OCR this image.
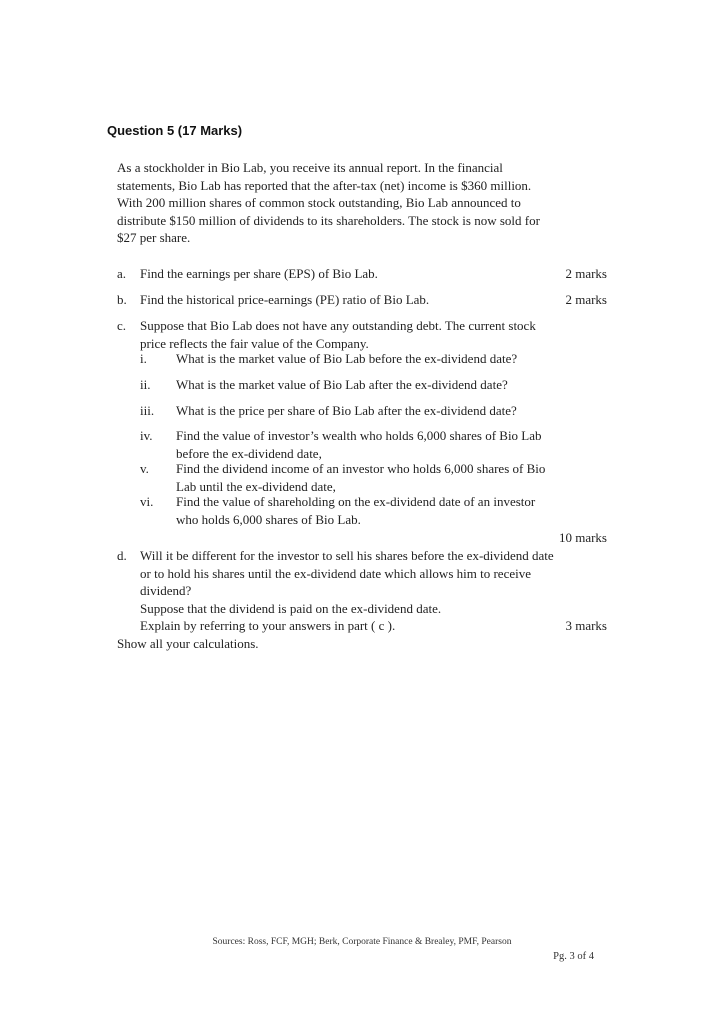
Question 5 (17 Marks)
As a stockholder in Bio Lab, you receive its annual report. In the financial
statements, Bio Lab has reported that the after-tax (net) income is $360 million.
With 200 million shares of common stock outstanding, Bio Lab announced to
distribute $150 million of dividends to its shareholders. The stock is now sold for
$27 per share.
a. Find the earnings per share (EPS) of Bio Lab.	2 marks
b. Find the historical price-earnings (PE) ratio of Bio Lab.	2 marks
c. Suppose that Bio Lab does not have any outstanding debt. The current stock
price reflects the fair value of the Company.
i. What is the market value of Bio Lab before the ex-dividend date?
ii. What is the market value of Bio Lab after the ex-dividend date?
iii. What is the price per share of Bio Lab after the ex-dividend date?
iv. Find the value of investor’s wealth who holds 6,000 shares of Bio Lab
before the ex-dividend date,
v. Find the dividend income of an investor who holds 6,000 shares of Bio
Lab until the ex-dividend date,
vi. Find the value of shareholding on the ex-dividend date of an investor
who holds 6,000 shares of Bio Lab.
10 marks
d. Will it be different for the investor to sell his shares before the ex-dividend date
or to hold his shares until the ex-dividend date which allows him to receive
dividend?
Suppose that the dividend is paid on the ex-dividend date.
Explain by referring to your answers in part ( c ).	3 marks
Show all your calculations.
Sources: Ross, FCF, MGH; Berk, Corporate Finance & Brealey, PMF, Pearson
Pg. 3 of 4
